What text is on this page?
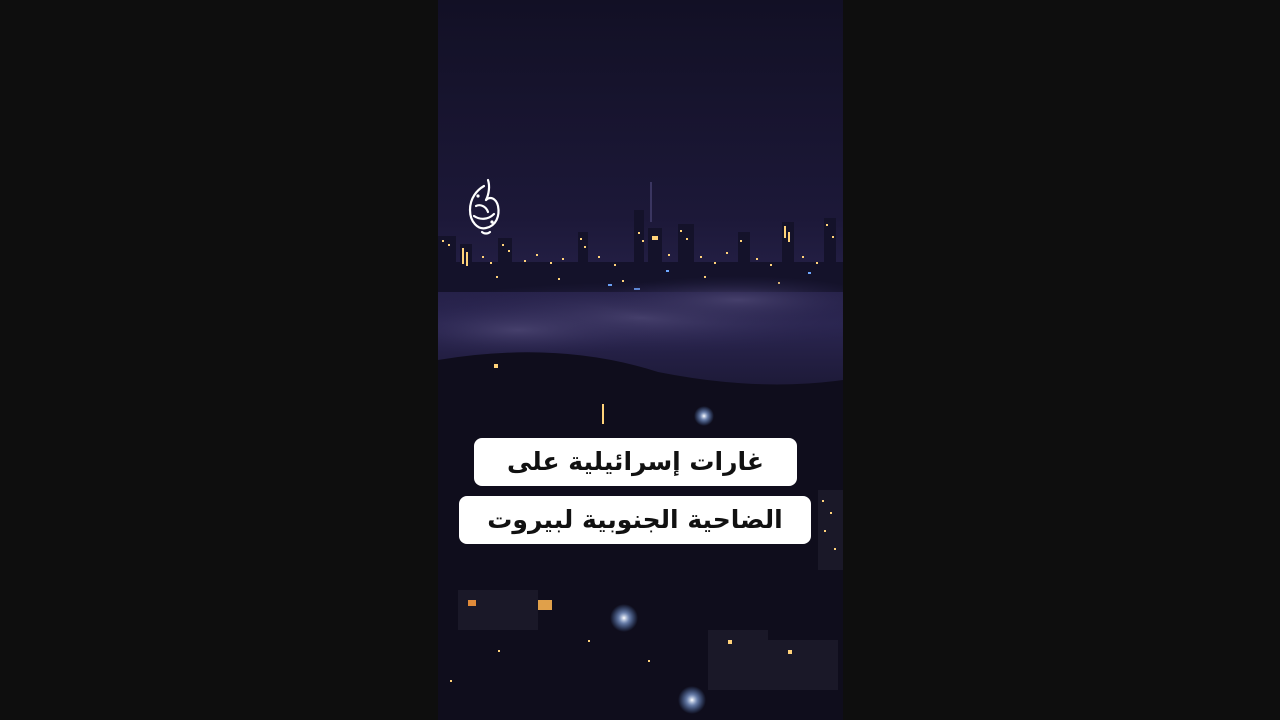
غارات إسرائيلية على
الضاحية الجنوبية لبيروت
